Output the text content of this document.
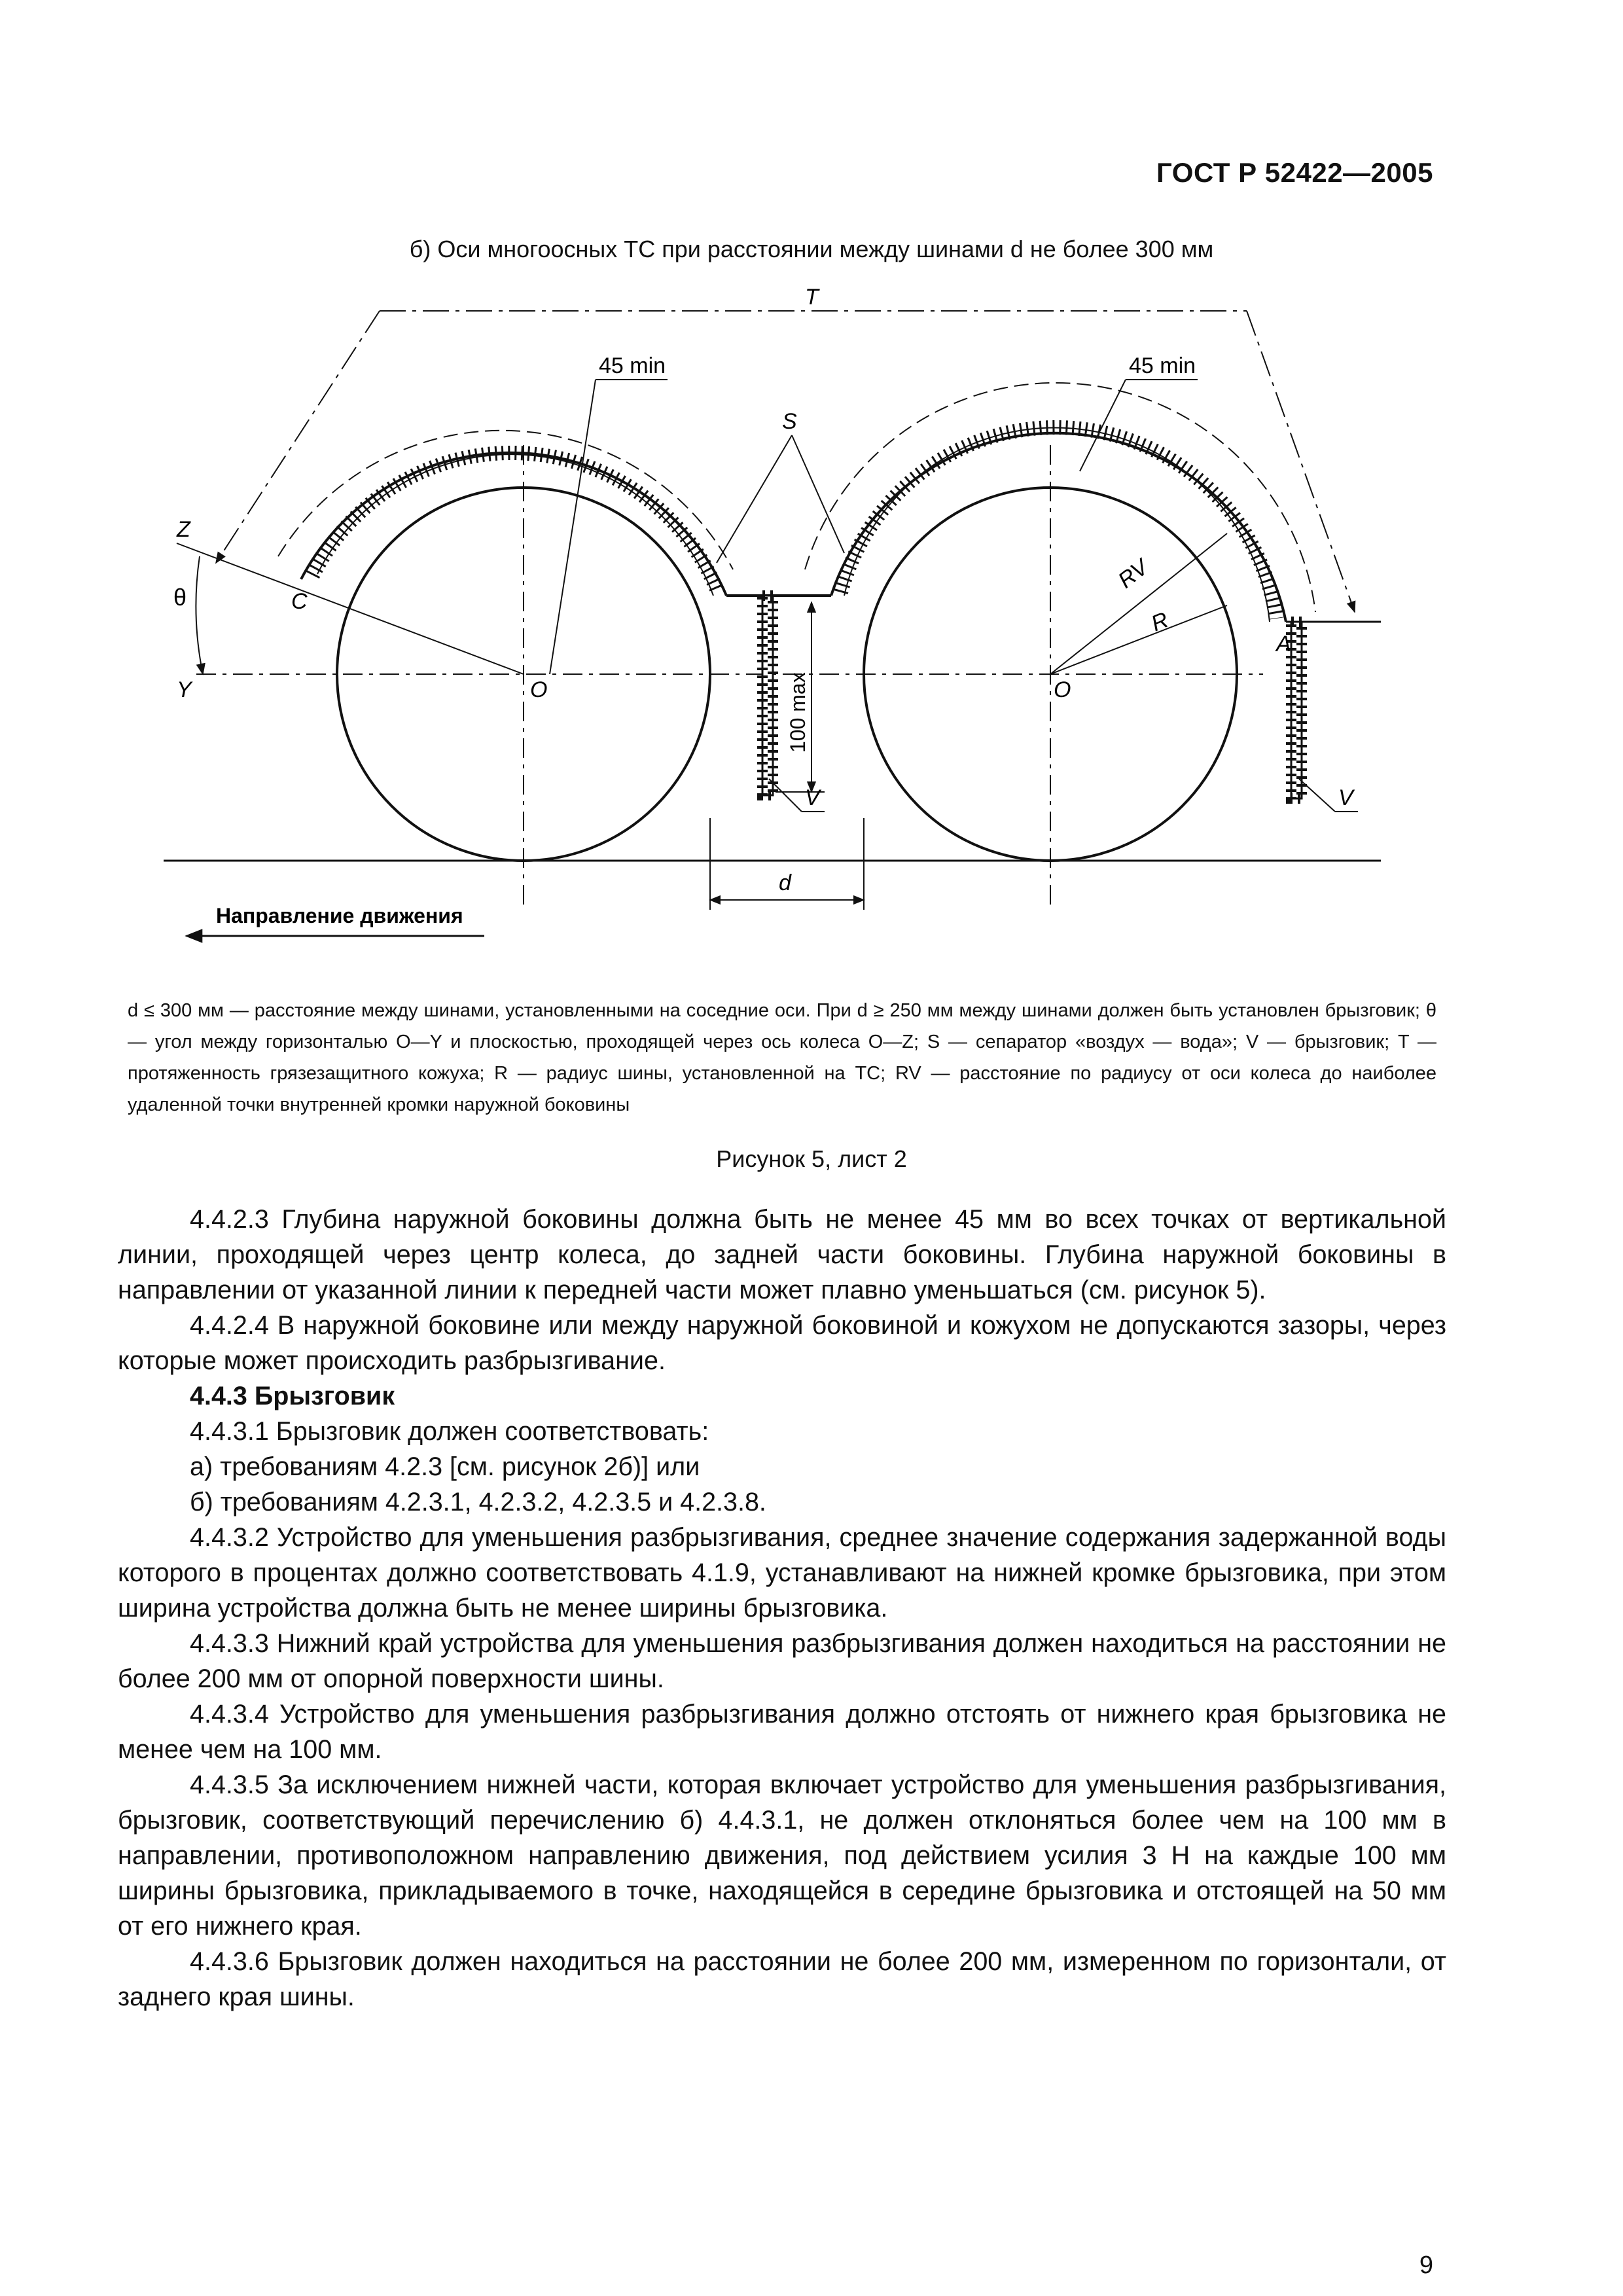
ГОСТ Р 52422—2005
б) Оси многоосных ТС при расстоянии между шинами d не более 300 мм
T
45 min	45 min
S
Z
θ	C
Y	O	O
RV
R
A
100 max
V	V
d
Направление движения

d ≤ 300 мм — расстояние между шинами, установленными на соседние оси. При d ≥ 250 мм между шинами должен быть установлен брызговик; θ — угол между горизонталью O—Y и плоскостью, проходящей через ось колеса O—Z; S — сепаратор «воздух — вода»; V — брызговик; T — протяженность грязезащитного кожуха; R — радиус шины, установленной на ТС; RV — расстояние по радиусу от оси колеса до наиболее удаленной точки внутренней кромки наружной боковины

Рисунок 5, лист 2

4.4.2.3 Глубина наружной боковины должна быть не менее 45 мм во всех точках от вертикальной линии, проходящей через центр колеса, до задней части боковины. Глубина наружной боковины в направлении от указанной линии к передней части может плавно уменьшаться (см. рисунок 5).

4.4.2.4 В наружной боковине или между наружной боковиной и кожухом не допускаются зазоры, через которые может происходить разбрызгивание.

4.4.3 Брызговик

4.4.3.1 Брызговик должен соответствовать:

а) требованиям 4.2.3 [см. рисунок 2б)] или

б) требованиям 4.2.3.1, 4.2.3.2, 4.2.3.5 и 4.2.3.8.

4.4.3.2 Устройство для уменьшения разбрызгивания, среднее значение содержания задержанной воды которого в процентах должно соответствовать 4.1.9, устанавливают на нижней кромке брызговика, при этом ширина устройства должна быть не менее ширины брызговика.

4.4.3.3 Нижний край устройства для уменьшения разбрызгивания должен находиться на расстоянии не более 200 мм от опорной поверхности шины.

4.4.3.4 Устройство для уменьшения разбрызгивания должно отстоять от нижнего края брызговика не менее чем на 100 мм.

4.4.3.5 За исключением нижней части, которая включает устройство для уменьшения разбрызгивания, брызговик, соответствующий перечислению б) 4.4.3.1, не должен отклоняться более чем на 100 мм в направлении, противоположном направлению движения, под действием усилия 3 Н на каждые 100 мм ширины брызговика, прикладываемого в точке, находящейся в середине брызговика и отстоящей на 50 мм от его нижнего края.

4.4.3.6 Брызговик должен находиться на расстоянии не более 200 мм, измеренном по горизонтали, от заднего края шины.

9
